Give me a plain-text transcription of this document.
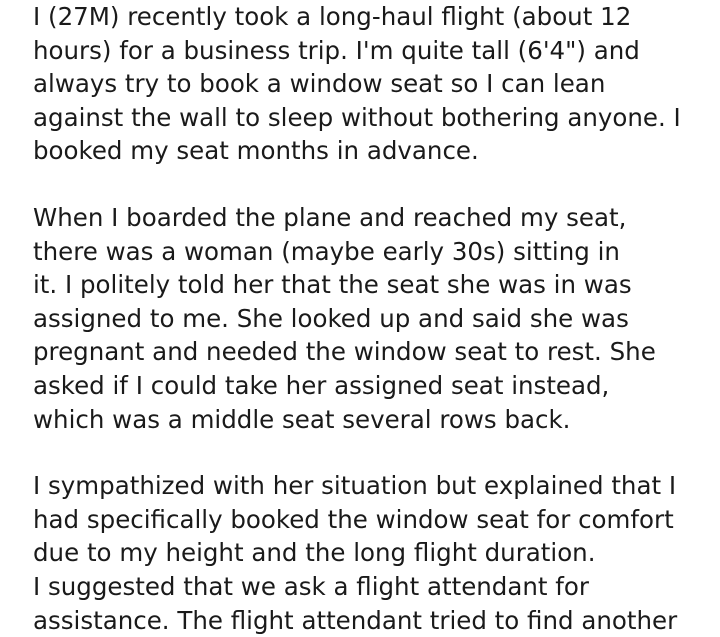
I (27M) recently took a long-haul flight (about 12
hours) for a business trip. I'm quite tall (6'4") and
always try to book a window seat so I can lean
against the wall to sleep without bothering anyone. I
booked my seat months in advance.
When I boarded the plane and reached my seat,
there was a woman (maybe early 30s) sitting in
it. I politely told her that the seat she was in was
assigned to me. She looked up and said she was
pregnant and needed the window seat to rest. She
asked if I could take her assigned seat instead,
which was a middle seat several rows back.
I sympathized with her situation but explained that I
had specifically booked the window seat for comfort
due to my height and the long flight duration.
I suggested that we ask a flight attendant for
assistance. The flight attendant tried to find another
